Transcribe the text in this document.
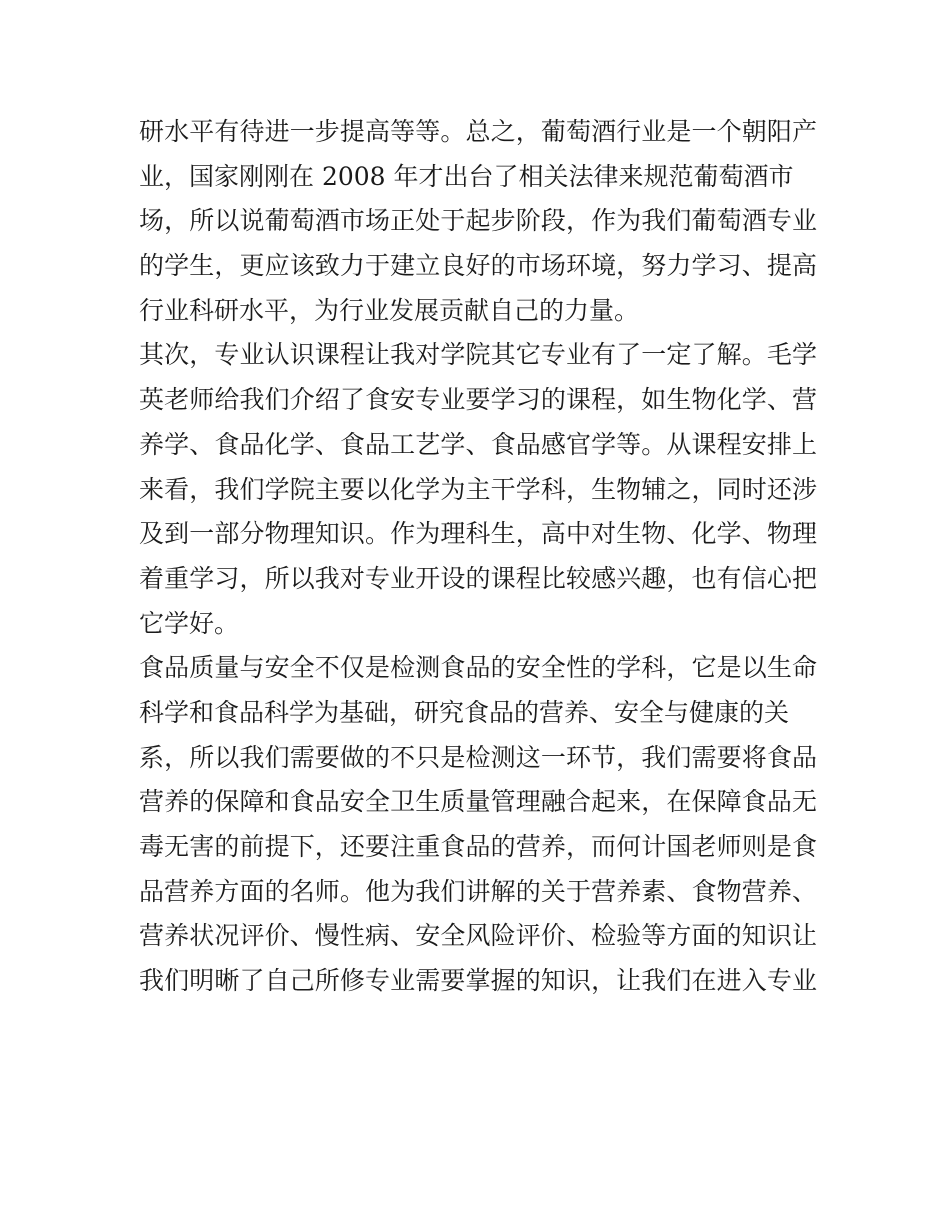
研水平有待进一步提高等等。总之，葡萄酒行业是一个朝阳产
业，国家刚刚在 2008 年才出台了相关法律来规范葡萄酒市
场，所以说葡萄酒市场正处于起步阶段，作为我们葡萄酒专业
的学生，更应该致力于建立良好的市场环境，努力学习、提高
行业科研水平，为行业发展贡献自己的力量。
其次，专业认识课程让我对学院其它专业有了一定了解。毛学
英老师给我们介绍了食安专业要学习的课程，如生物化学、营
养学、食品化学、食品工艺学、食品感官学等。从课程安排上
来看，我们学院主要以化学为主干学科，生物辅之，同时还涉
及到一部分物理知识。作为理科生，高中对生物、化学、物理
着重学习，所以我对专业开设的课程比较感兴趣，也有信心把
它学好。
食品质量与安全不仅是检测食品的安全性的学科，它是以生命
科学和食品科学为基础，研究食品的营养、安全与健康的关
系，所以我们需要做的不只是检测这一环节，我们需要将食品
营养的保障和食品安全卫生质量管理融合起来，在保障食品无
毒无害的前提下，还要注重食品的营养，而何计国老师则是食
品营养方面的名师。他为我们讲解的关于营养素、食物营养、
营养状况评价、慢性病、安全风险评价、检验等方面的知识让
我们明晰了自己所修专业需要掌握的知识，让我们在进入专业
